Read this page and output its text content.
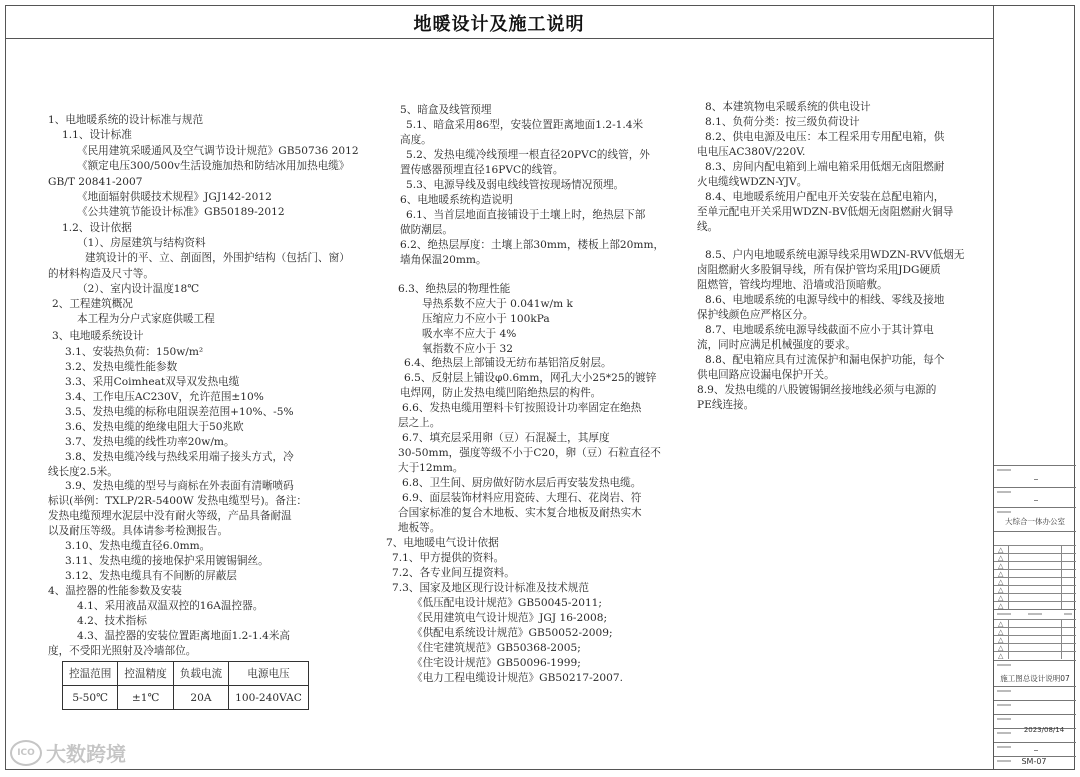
地暖设计及施工说明
1、电地暖系统的设计标准与规范
1.1、设计标准
《民用建筑采暖通风及空气调节设计规范》GB50736 2012
《额定电压300/500v生活设施加热和防结冰用加热电缆》
GB/T 20841-2007
《地面辐射供暖技术规程》JGJ142-2012
《公共建筑节能设计标准》GB50189-2012
1.2、设计依据
（1）、房屋建筑与结构资料
建筑设计的平、立、剖面图，外围护结构（包括门、窗）
的材料构造及尺寸等。
（2）、室内设计温度18℃
2、工程建筑概况
本工程为分户式家庭供暖工程
3、电地暖系统设计
3.1、安装热负荷：150w/m²
3.2、发热电缆性能参数
3.3、采用Coimheat双导双发热电缆
3.4、工作电压AC230V，允许范围±10%
3.5、发热电缆的标称电阻误差范围+10%、-5%
3.6、发热电缆的绝缘电阻大于50兆欧
3.7、发热电缆的线性功率20w/m。
3.8、发热电缆冷线与热线采用端子接头方式，冷
线长度2.5米。
3.9、发热电缆的型号与商标在外表面有清晰喷码
标识(举例：TXLP/2R-5400W 发热电缆型号)。备注：
发热电缆预埋水泥层中没有耐火等级，产品具备耐温
以及耐压等级。具体请参考检测报告。
3.10、发热电缆直径6.0mm。
3.11、发热电缆的接地保护采用镀锡铜丝。
3.12、发热电缆具有不间断的屏蔽层
4、温控器的性能参数及安装
4.1、采用液晶双温双控的16A温控器。
4.2、技术指标
4.3、温控器的安装位置距离地面1.2-1.4米高
度，不受阳光照射及冷墙部位。
5、暗盒及线管预埋
5.1、暗盒采用86型，安装位置距离地面1.2-1.4米
高度。
5.2、发热电缆冷线预埋一根直径20PVC的线管，外
置传感器预埋直径16PVC的线管。
5.3、电源导线及弱电线线管按现场情况预埋。
6、电地暖系统构造说明
6.1、当首层地面直接铺设于土壤上时，绝热层下部
做防潮层。
6.2、绝热层厚度：土壤上部30mm，楼板上部20mm，
墙角保温20mm。
6.3、绝热层的物理性能
导热系数不应大于 0.041w/m k
压缩应力不应小于 100kPa
吸水率不应大于 4%
氧指数不应小于 32
6.4、绝热层上部铺设无纺布基铝箔反射层。
6.5、反射层上铺设φ0.6mm，网孔大小25*25的镀锌
电焊网，防止发热电缆凹陷绝热层的构件。
6.6、发热电缆用塑料卡钉按照设计功率固定在绝热
层之上。
6.7、填充层采用卵（豆）石混凝土，其厚度
30-50mm，强度等级不小于C20，卵（豆）石粒直径不
大于12mm。
6.8、卫生间、厨房做好防水层后再安装发热电缆。
6.9、面层装饰材料应用瓷砖、大理石、花岗岩、符
合国家标准的复合木地板、实木复合地板及耐热实木
地板等。
7、电地暖电气设计依据
7.1、甲方提供的资料。
7.2、各专业间互提资料。
7.3、国家及地区现行设计标准及技术规范
《低压配电设计规范》GB50045-2011;
《民用建筑电气设计规范》JGJ 16-2008;
《供配电系统设计规范》GB50052-2009;
《住宅建筑规范》GB50368-2005;
《住宅设计规范》GB50096-1999;
《电力工程电缆设计规范》GB50217-2007.
8、本建筑物电采暖系统的供电设计
8.1、负荷分类：按三级负荷设计
8.2、供电电源及电压：本工程采用专用配电箱，供
电电压AC380V/220V.
8.3、房间内配电箱到上端电箱采用低烟无卤阻燃耐
火电缆线WDZN-YJV。
8.4、电地暖系统用户配电开关安装在总配电箱内，
至单元配电开关采用WDZN-BV低烟无卤阻燃耐火铜导
线。
8.5、户内电地暖系统电源导线采用WDZN-RVV低烟无
卤阻燃耐火多股铜导线，所有保护管均采用JDG硬质
阻燃管，管线均埋地、沿墙或沿顶暗敷。
8.6、电地暖系统的电源导线中的相线、零线及接地
保护线颜色应严格区分。
8.7、电地暖系统电源导线截面不应小于其计算电
流，同时应满足机械强度的要求。
8.8、配电箱应具有过流保护和漏电保护功能，每个
供电回路应设漏电保护开关。
8.9、发热电缆的八股镀锡铜丝接地线必须与电源的
PE线连接。
控温范围	控温精度	负载电流	电源电压
5-50℃	±1℃	20A	100-240VAC
大综合一体办公室
△
△
△
△
△
△
△
△
△
△
△
△
△
施工图总设计说明07
2023/08/14
SM-07
ICO 大数跨境
